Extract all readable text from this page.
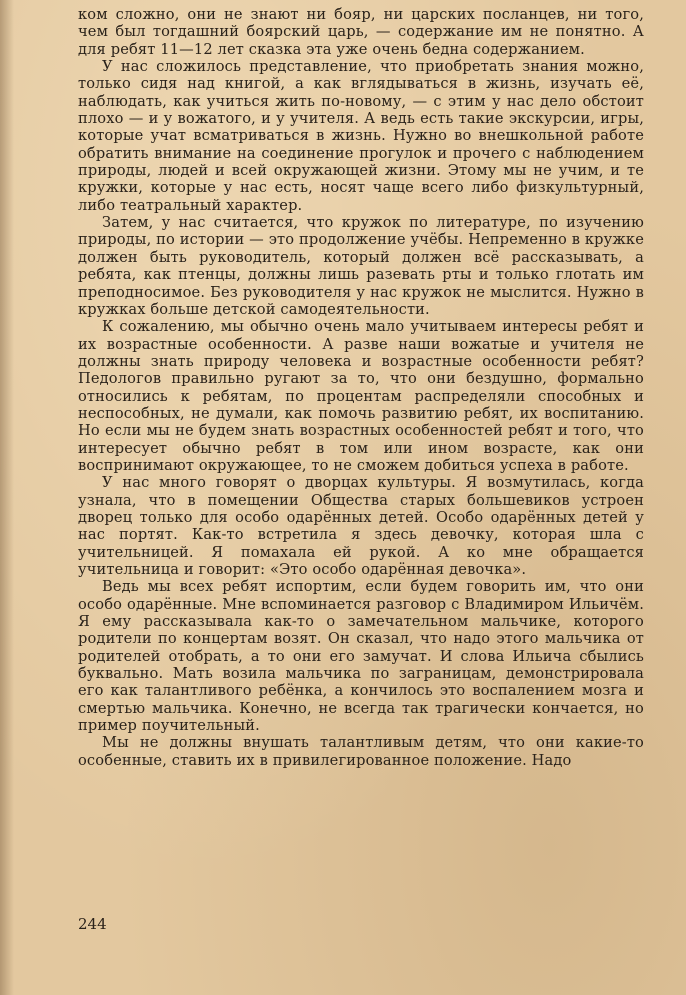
ком сложно, они не знают ни бояр, ни царских посланцев, ни того, чем был тогдашний боярский царь, — содержание им не понятно. А для ребят 11—12 лет сказка эта уже очень бедна содержанием.

У нас сложилось представление, что приобретать знания можно, только сидя над книгой, а как вглядываться в жизнь, изучать её, наблюдать, как учиться жить по-новому, — с этим у нас дело обстоит плохо — и у вожатого, и у учителя. А ведь есть такие экскурсии, игры, которые учат всматриваться в жизнь. Нужно во внешкольной работе обратить внимание на соединение прогулок и прочего с наблюдением природы, людей и всей окружающей жизни. Этому мы не учим, и те кружки, которые у нас есть, носят чаще всего либо физкультурный, либо театральный характер.

Затем, у нас считается, что кружок по литературе, по изучению природы, по истории — это продолжение учёбы. Непременно в кружке должен быть руководитель, который должен всё рассказывать, а ребята, как птенцы, должны лишь разевать рты и только глотать им преподносимое. Без руководителя у нас кружок не мыслится. Нужно в кружках больше детской самодеятельности.

К сожалению, мы обычно очень мало учитываем интересы ребят и их возрастные особенности. А разве наши вожатые и учителя не должны знать природу человека и возрастные особенности ребят? Педологов правильно ругают за то, что они бездушно, формально относились к ребятам, по процентам распределяли способных и неспособных, не думали, как помочь развитию ребят, их воспитанию. Но если мы не будем знать возрастных особенностей ребят и того, что интересует обычно ребят в том или ином возрасте, как они воспринимают окружающее, то не сможем добиться успеха в работе.

У нас много говорят о дворцах культуры. Я возмутилась, когда узнала, что в помещении Общества старых большевиков устроен дворец только для особо одарённых детей. Особо одарённых детей у нас портят. Как-то встретила я здесь девочку, которая шла с учительницей. Я помахала ей рукой. А ко мне обращается учительница и говорит: «Это особо одарённая девочка».

Ведь мы всех ребят испортим, если будем говорить им, что они особо одарённые. Мне вспоминается разговор с Владимиром Ильичём. Я ему рассказывала как-то о замечательном мальчике, которого родители по концертам возят. Он сказал, что надо этого мальчика от родителей отобрать, а то они его замучат. И слова Ильича сбылись буквально. Мать возила мальчика по заграницам, демонстрировала его как талантливого ребёнка, а кончилось это воспалением мозга и смертью мальчика. Конечно, не всегда так трагически кончается, но пример поучительный.

Мы не должны внушать талантливым детям, что они какие-то особенные, ставить их в привилегированное положение. Надо

244
